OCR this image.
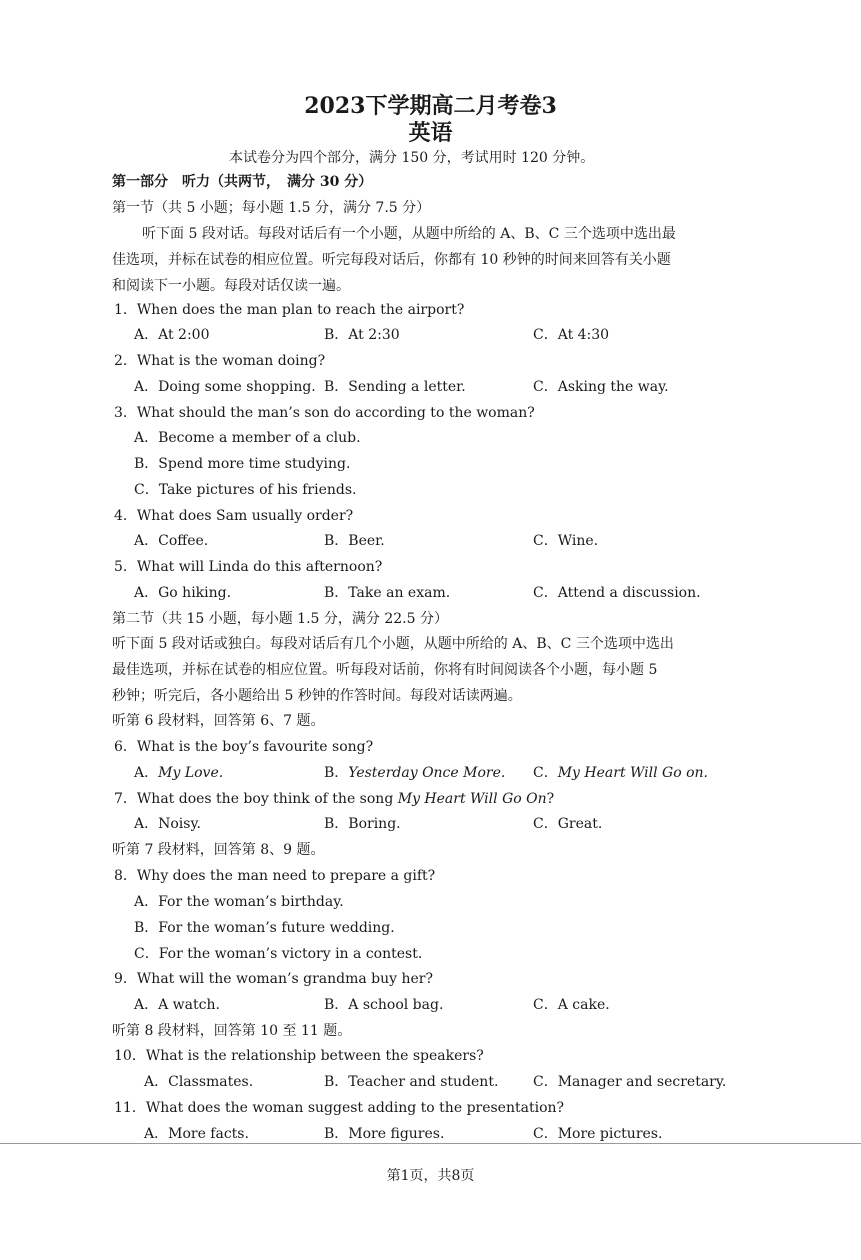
2023下学期高二月考卷3
英语
本试卷分为四个部分，满分 150 分，考试用时 120 分钟。
第一部分　听力（共两节，　满分 30 分）
第一节（共 5 小题；每小题 1.5 分，满分 7.5 分）
听下面 5 段对话。每段对话后有一个小题，从题中所给的 A、B、C 三个选项中选出最
佳选项，并标在试卷的相应位置。听完每段对话后，你都有 10 秒钟的时间来回答有关小题
和阅读下一小题。每段对话仅读一遍。
1．When does the man plan to reach the airport?
A．At 2:00	B．At 2:30	C．At 4:30
2．What is the woman doing?
A．Doing some shopping. B．Sending a letter.	C．Asking the way.
3．What should the man’s son do according to the woman?
A．Become a member of a club.
B．Spend more time studying.
C．Take pictures of his friends.
4．What does Sam usually order?
A．Coffee.	B．Beer.	C．Wine.
5．What will Linda do this afternoon?
A．Go hiking.	B．Take an exam.	C．Attend a discussion.
第二节（共 15 小题，每小题 1.5 分，满分 22.5 分）
听下面 5 段对话或独白。每段对话后有几个小题，从题中所给的 A、B、C 三个选项中选出
最佳选项，并标在试卷的相应位置。听每段对话前，你将有时间阅读各个小题，每小题 5
秒钟；听完后，各小题给出 5 秒钟的作答时间。每段对话读两遍。
听第 6 段材料，回答第 6、7 题。
6．What is the boy’s favourite song?
A．My Love.	B．Yesterday Once More. C．My Heart Will Go on.
7．What does the boy think of the song My Heart Will Go On?
A．Noisy.	B．Boring.	C．Great.
听第 7 段材料，回答第 8、9 题。
8．Why does the man need to prepare a gift?
A．For the woman’s birthday.
B．For the woman’s future wedding.
C．For the woman’s victory in a contest.
9．What will the woman’s grandma buy her?
A．A watch.	B．A school bag.	C．A cake.
听第 8 段材料，回答第 10 至 11 题。
10．What is the relationship between the speakers?
A．Classmates.	B．Teacher and student. C．Manager and secretary.
11．What does the woman suggest adding to the presentation?
A．More facts.	B．More figures.	C．More pictures.
第1页，共8页
